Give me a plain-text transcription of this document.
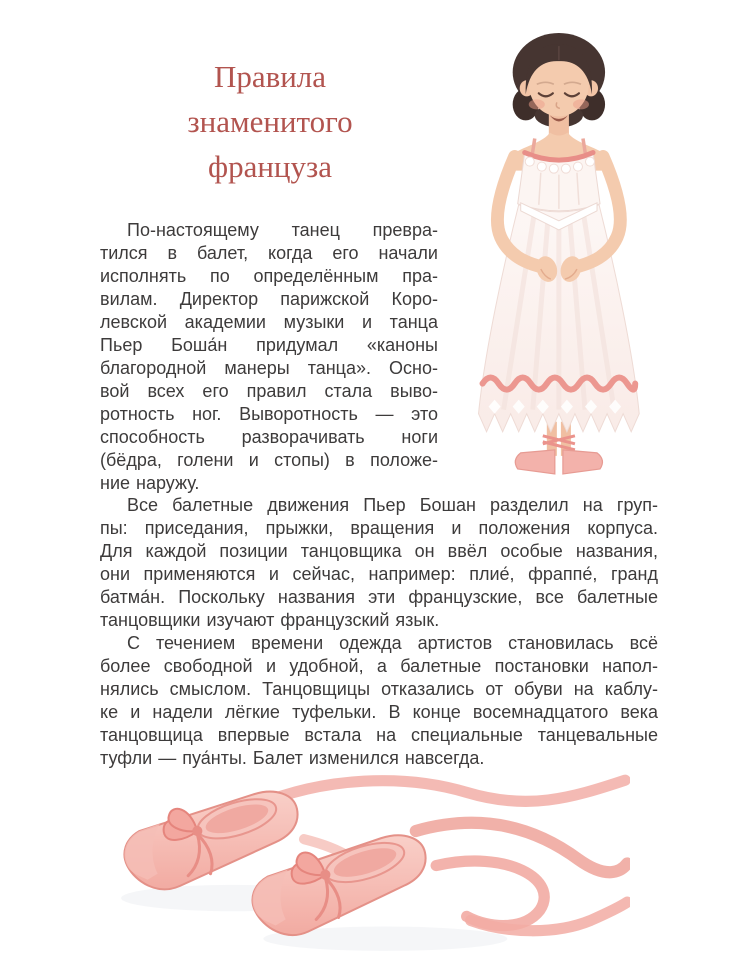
Правила
знаменитого
француза
По-настоящему танец превра-
тился в балет, когда его начали
исполнять по определённым пра-
вилам. Директор парижской Коро-
левской академии музыки и танца
Пьер Боша́н придумал «каноны
благородной манеры танца». Осно-
вой всех его правил стала выво-
ротность ног. Выворотность — это
способность разворачивать ноги
(бёдра, голени и стопы) в положе-
ние наружу.
Все балетные движения Пьер Бошан разделил на груп-
пы: приседания, прыжки, вращения и положения корпуса.
Для каждой позиции танцовщика он ввёл особые названия,
они применяются и сейчас, например: плие́, фраппе́, гранд
батма́н. Поскольку названия эти французские, все балетные
танцовщики изучают французский язык.
С течением времени одежда артистов становилась всё
более свободной и удобной, а балетные постановки напол-
нялись смыслом. Танцовщицы отказались от обуви на каблу-
ке и надели лёгкие туфельки. В конце восемнадцатого века
танцовщица впервые встала на специальные танцевальные
туфли — пуа́нты. Балет изменился навсегда.
